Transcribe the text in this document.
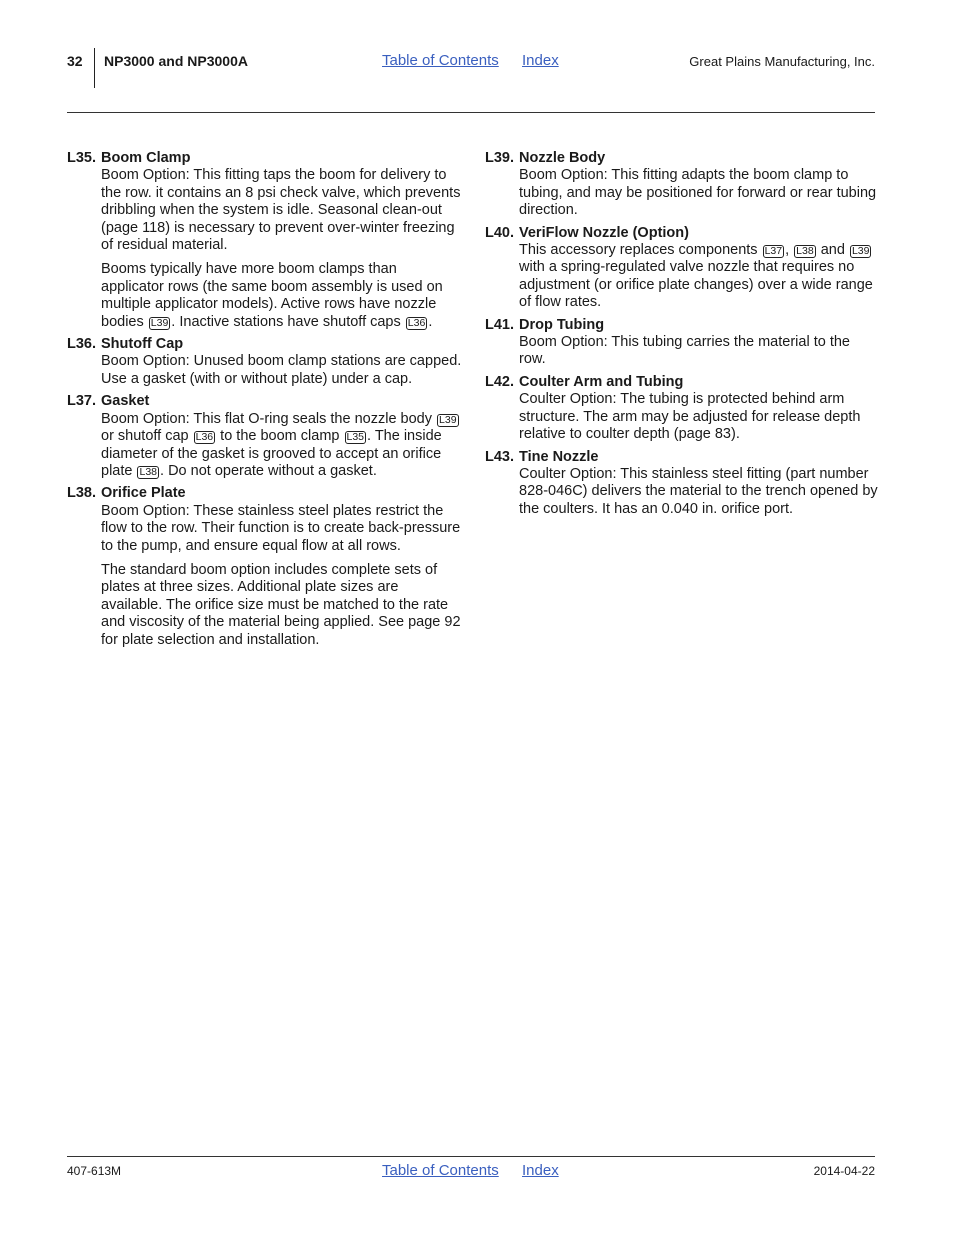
32 NP3000 and NP3000A	Table of Contents Index	Great Plains Manufacturing, Inc.
L35. Boom Clamp

Boom Option: This fitting taps the boom for delivery to the row. it contains an 8 psi check valve, which prevents dribbling when the system is idle. Seasonal clean-out (page 118) is necessary to prevent over-winter freezing of residual material.

Booms typically have more boom clamps than applicator rows (the same boom assembly is used on multiple applicator models). Active rows have nozzle bodies L39 . Inactive stations have shutoff caps L36 .

L36. Shutoff Cap

Boom Option: Unused boom clamp stations are capped. Use a gasket (with or without plate) under a cap.

L37. Gasket

Boom Option: This flat O-ring seals the nozzle body L39 or shutoff cap L36 to the boom clamp L35 . The inside diameter of the gasket is grooved to accept an orifice plate L38 . Do not operate without a gasket.

L38. Orifice Plate

Boom Option: These stainless steel plates restrict the flow to the row. Their function is to create back-pressure to the pump, and ensure equal flow at all rows.

The standard boom option includes complete sets of plates at three sizes. Additional plate sizes are available. The orifice size must be matched to the rate and viscosity of the material being applied. See page 92 for plate selection and installation.

L39. Nozzle Body

Boom Option: This fitting adapts the boom clamp to tubing, and may be positioned for forward or rear tubing direction.

L40. VeriFlow Nozzle (Option)

This accessory replaces components L37 , L38 and L39 with a spring-regulated valve nozzle that requires no adjustment (or orifice plate changes) over a wide range of flow rates.

L41. Drop Tubing

Boom Option: This tubing carries the material to the row.

L42. Coulter Arm and Tubing

Coulter Option: The tubing is protected behind arm structure. The arm may be adjusted for release depth relative to coulter depth (page 83).

L43. Tine Nozzle

Coulter Option: This stainless steel fitting (part number 828-046C) delivers the material to the trench opened by the coulters. It has an 0.040 in. orifice port.

407-613M	Table of Contents Index	2014-04-22
